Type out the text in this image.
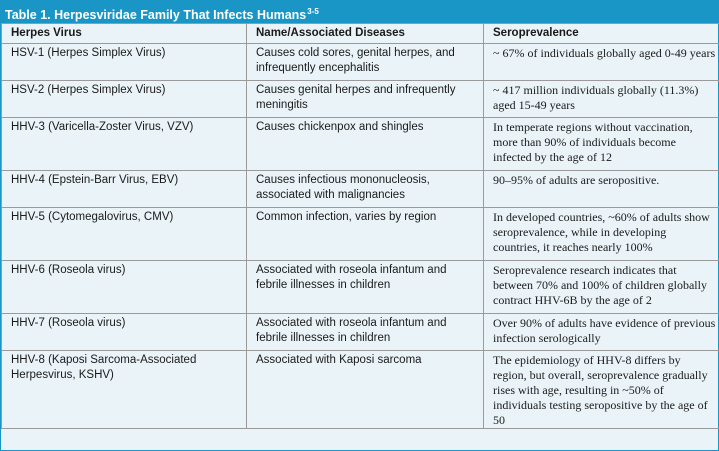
Table 1. Herpesviridae Family That Infects Humans$^{3-5}$
Herpes Virus	Name/Associated Diseases	Seroprevalence
HSV-1 (Herpes Simplex Virus)	Causes cold sores, genital herpes, and infrequently encephalitis	~ 67% of individuals globally aged 0-49 years
HSV-2 (Herpes Simplex Virus)	Causes genital herpes and infrequently meningitis	~ 417 million individuals globally (11.3%) aged 15-49 years
HHV-3 (Varicella-Zoster Virus, VZV)	Causes chickenpox and shingles	In temperate regions without vaccination, more than 90% of individuals become infected by the age of 12
HHV-4 (Epstein-Barr Virus, EBV)	Causes infectious mononucleosis, associated with malignancies	90–95% of adults are seropositive.
HHV-5 (Cytomegalovirus, CMV)	Common infection, varies by region	In developed countries, ~60% of adults show seroprevalence, while in developing countries, it reaches nearly 100%
HHV-6 (Roseola virus)	Associated with roseola infantum and febrile illnesses in children	Seroprevalence research indicates that between 70% and 100% of children globally contract HHV-6B by the age of 2
HHV-7 (Roseola virus)	Associated with roseola infantum and febrile illnesses in children	Over 90% of adults have evidence of previous infection serologically
HHV-8 (Kaposi Sarcoma-Associated Herpesvirus, KSHV)	Associated with Kaposi sarcoma	The epidemiology of HHV-8 differs by region, but overall, seroprevalence gradually rises with age, resulting in ~50% of individuals testing seropositive by the age of 50
